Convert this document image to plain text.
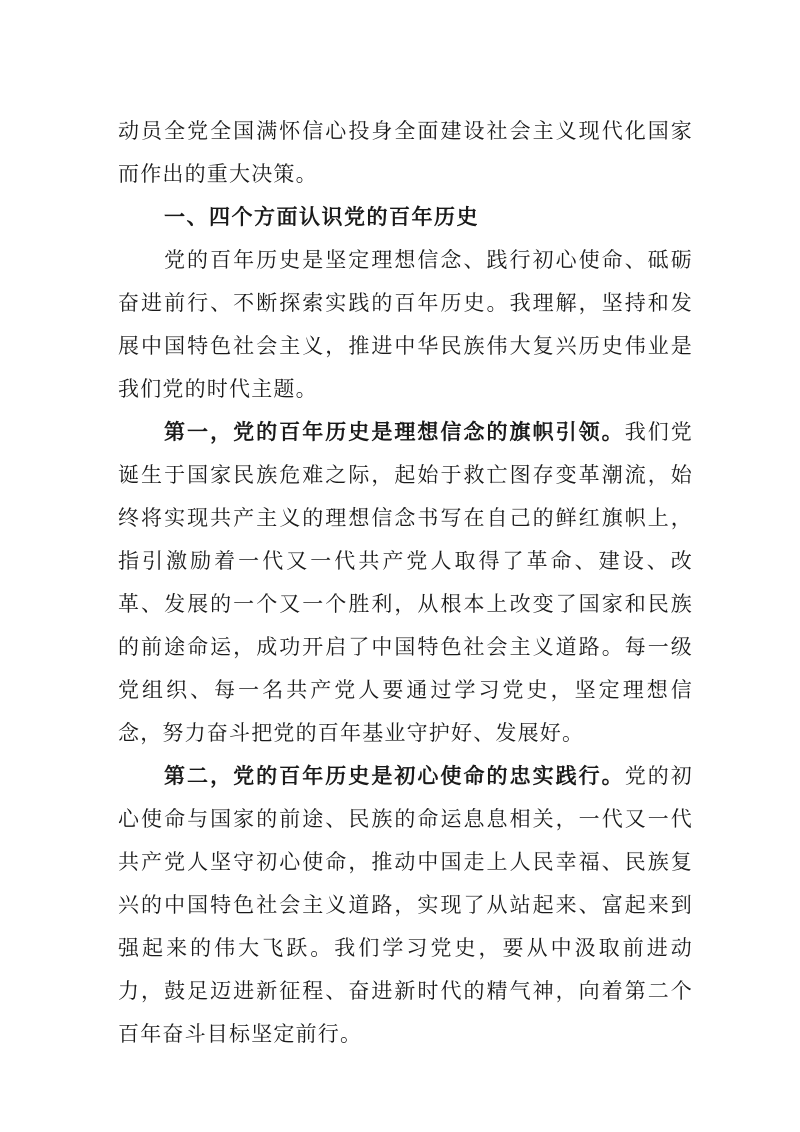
动员全党全国满怀信心投身全面建设社会主义现代化国家而作出的重大决策。

一、四个方面认识党的百年历史

党的百年历史是坚定理想信念、践行初心使命、砥砺奋进前行、不断探索实践的百年历史。我理解，坚持和发展中国特色社会主义，推进中华民族伟大复兴历史伟业是我们党的时代主题。

第一，党的百年历史是理想信念的旗帜引领。我们党诞生于国家民族危难之际，起始于救亡图存变革潮流，始终将实现共产主义的理想信念书写在自己的鲜红旗帜上，指引激励着一代又一代共产党人取得了革命、建设、改革、发展的一个又一个胜利，从根本上改变了国家和民族的前途命运，成功开启了中国特色社会主义道路。每一级党组织、每一名共产党人要通过学习党史，坚定理想信念，努力奋斗把党的百年基业守护好、发展好。

第二，党的百年历史是初心使命的忠实践行。党的初心使命与国家的前途、民族的命运息息相关，一代又一代共产党人坚守初心使命，推动中国走上人民幸福、民族复兴的中国特色社会主义道路，实现了从站起来、富起来到强起来的伟大飞跃。我们学习党史，要从中汲取前进动力，鼓足迈进新征程、奋进新时代的精气神，向着第二个百年奋斗目标坚定前行。
